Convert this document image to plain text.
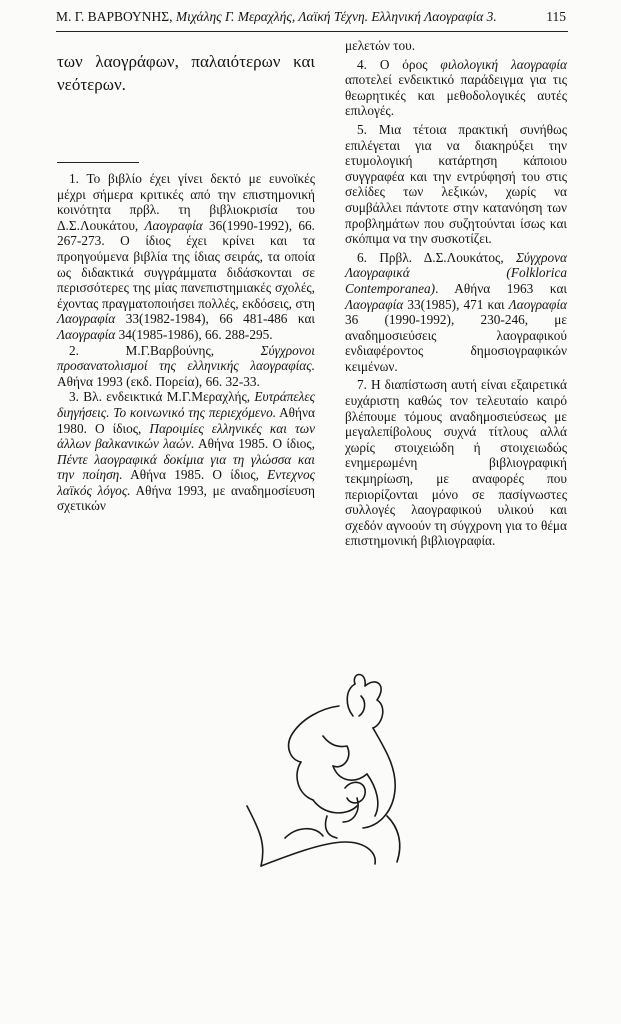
Μ. Γ. ΒΑΡΒΟΥΝΗΣ, Μιχάλης Γ. Μεραχλής, Λαϊκή Τέχνη. Ελληνική Λαογραφία 3.	115

των λαογράφων, παλαιότερων και νεότερων.

1. Το βιβλίο έχει γίνει δεκτό με ευνοϊκές μέχρι σήμερα κριτικές από την επιστημονική κοινότητα πρβλ. τη βιβλιοκρισία του Δ.Σ.Λουκάτου, Λαογραφία 36(1990-1992), 66. 267-273. Ο ίδιος έχει κρίνει και τα προηγούμενα βιβλία της ίδιας σειράς, τα οποία ως διδακτικά συγγράμματα διδάσκονται σε περισσότερες της μίας πανεπιστημιακές σχολές, έχοντας πραγματοποιήσει πολλές, εκδόσεις, στη Λαογραφία 33(1982-1984), 66 481-486 και Λαογραφία 34(1985-1986), 66. 288-295.

2. Μ.Γ.Βαρβούνης, Σύγχρονοι προσανατολισμοί της ελληνικής λαογραφίας. Αθήνα 1993 (εκδ. Πορεία), 66. 32-33.

3. Βλ. ενδεικτικά Μ.Γ.Μεραχλής, Ευτράπελες διηγήσεις. Το κοινωνικό της περιεχόμενο. Αθήνα 1980. Ο ίδιος, Παροιμίες ελληνικές και των άλλων βαλκανικών λαών. Αθήνα 1985. Ο ίδιος, Πέντε λαογραφικά δοκίμια για τη γλώσσα και την ποίηση. Αθήνα 1985. Ο ίδιος, Εντεχνος λαϊκός λόγος. Αθήνα 1993, με αναδημοσίευση σχετικών

μελετών του.

4. Ο όρος φιλολογική λαογραφία αποτελεί ενδεικτικό παράδειγμα για τις θεωρητικές και μεθοδολογικές αυτές επιλογές.

5. Μια τέτοια πρακτική συνήθως επιλέγεται για να διακηρύξει την ετυμολογική κατάρτηση κάποιου συγγραφέα και την εντρύφησή του στις σελίδες των λεξικών, χωρίς να συμβάλλει πάντοτε στην κατανόηση των προβλημάτων που συζητούνται ίσως και σκόπιμα να την συσκοτίζει.

6. Πρβλ. Δ.Σ.Λουκάτος, Σύγχρονα Λαογραφικά (Folklorica Contemporanea). Αθήνα 1963 και Λαογραφία 33(1985), 471 και Λαογραφία 36 (1990-1992), 230-246, με αναδημοσιεύσεις λαογραφικού ενδιαφέροντος δημοσιογραφικών κειμένων.

7. Η διαπίστωση αυτή είναι εξαιρετικά ευχάριστη καθώς τον τελευταίο καιρό βλέπουμε τόμους αναδημοσιεύσεως με μεγαλεπίβολους συχνά τίτλους αλλά χωρίς στοιχειώδη ή στοιχειωδώς ενημερωμένη βιβλιογραφική τεκμηρίωση, με αναφορές που περιορίζονται μόνο σε πασίγνωστες συλλογές λαογραφικού υλικού και σχεδόν αγνοούν τη σύγχρονη για το θέμα επιστημονική βιβλιογραφία.
